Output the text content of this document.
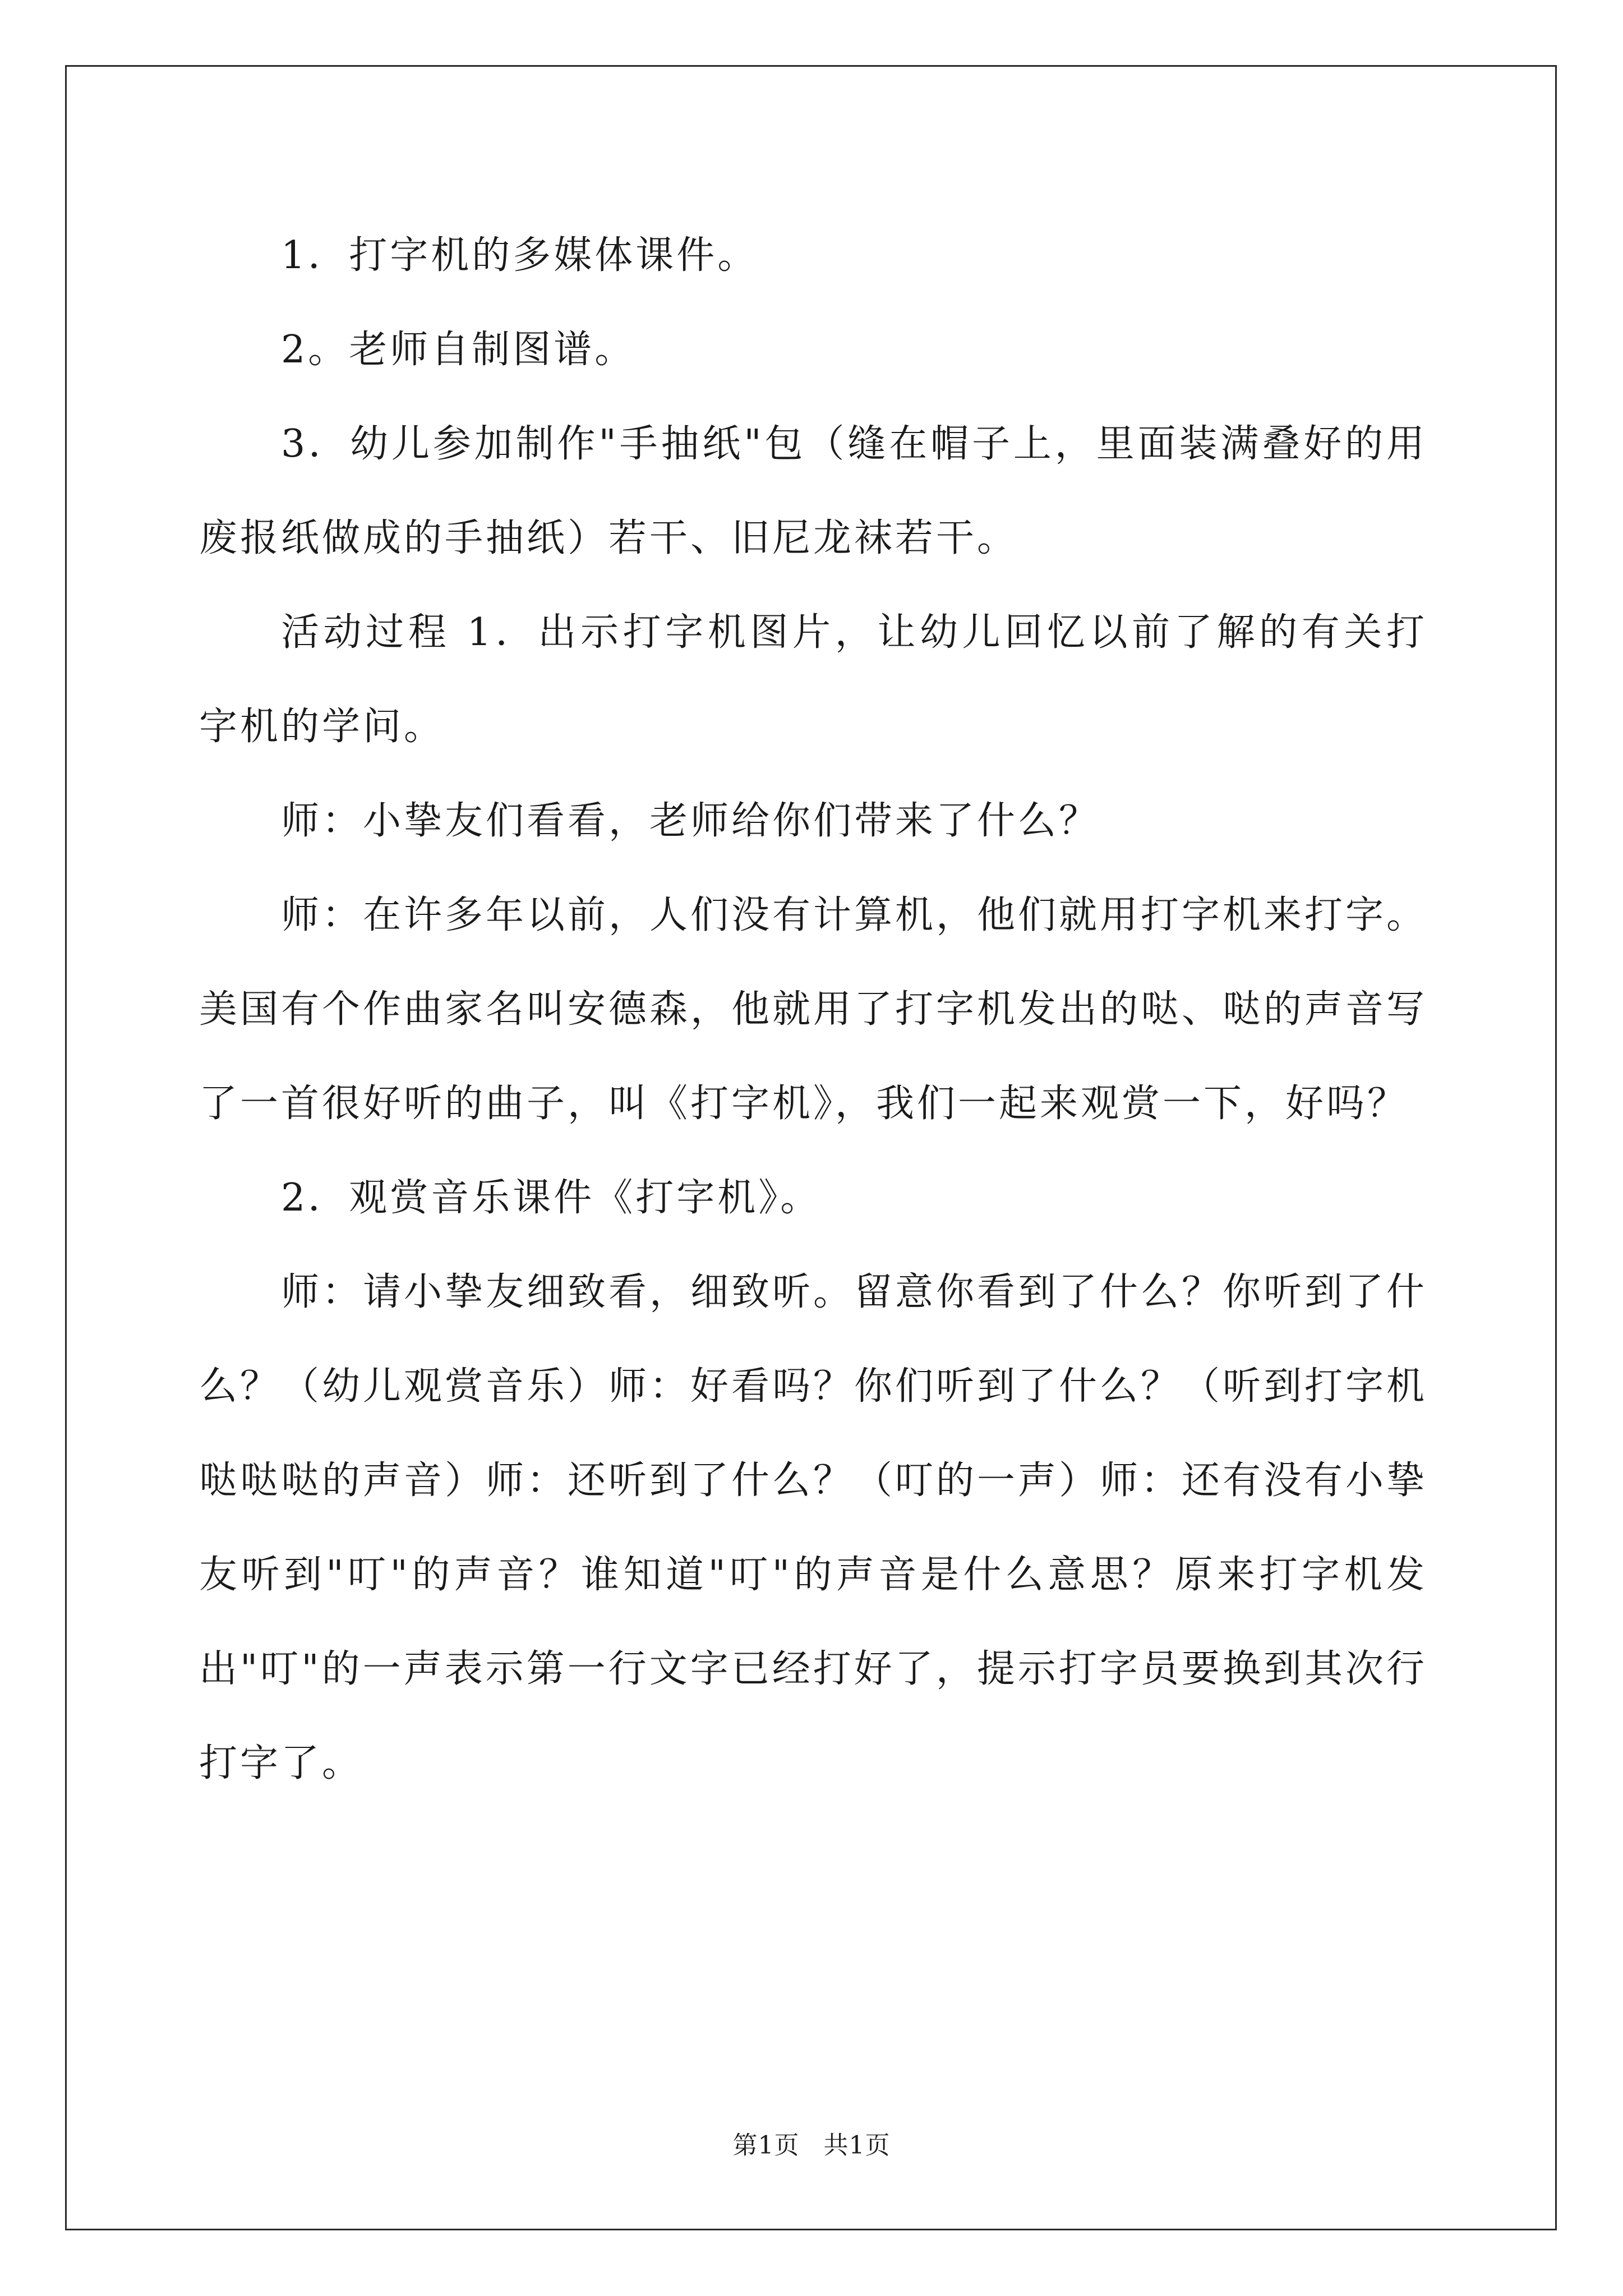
1．打字机的多媒体课件。

2。老师自制图谱。

3．幼儿参加制作"手抽纸"包（缝在帽子上，里面装满叠好的用废报纸做成的手抽纸）若干、旧尼龙袜若干。

活动过程 1．出示打字机图片，让幼儿回忆以前了解的有关打字机的学问。

师：小挚友们看看，老师给你们带来了什么？

师：在许多年以前，人们没有计算机，他们就用打字机来打字。美国有个作曲家名叫安德森，他就用了打字机发出的哒、哒的声音写了一首很好听的曲子，叫《打字机》，我们一起来观赏一下，好吗？

2．观赏音乐课件《打字机》。

师：请小挚友细致看，细致听。留意你看到了什么？你听到了什么？（幼儿观赏音乐）师：好看吗？你们听到了什么？（听到打字机哒哒哒的声音）师：还听到了什么？（叮的一声）师：还有没有小挚友听到"叮"的声音？谁知道"叮"的声音是什么意思？原来打字机发出"叮"的一声表示第一行文字已经打好了，提示打字员要换到其次行打字了。

第1页 共1页
